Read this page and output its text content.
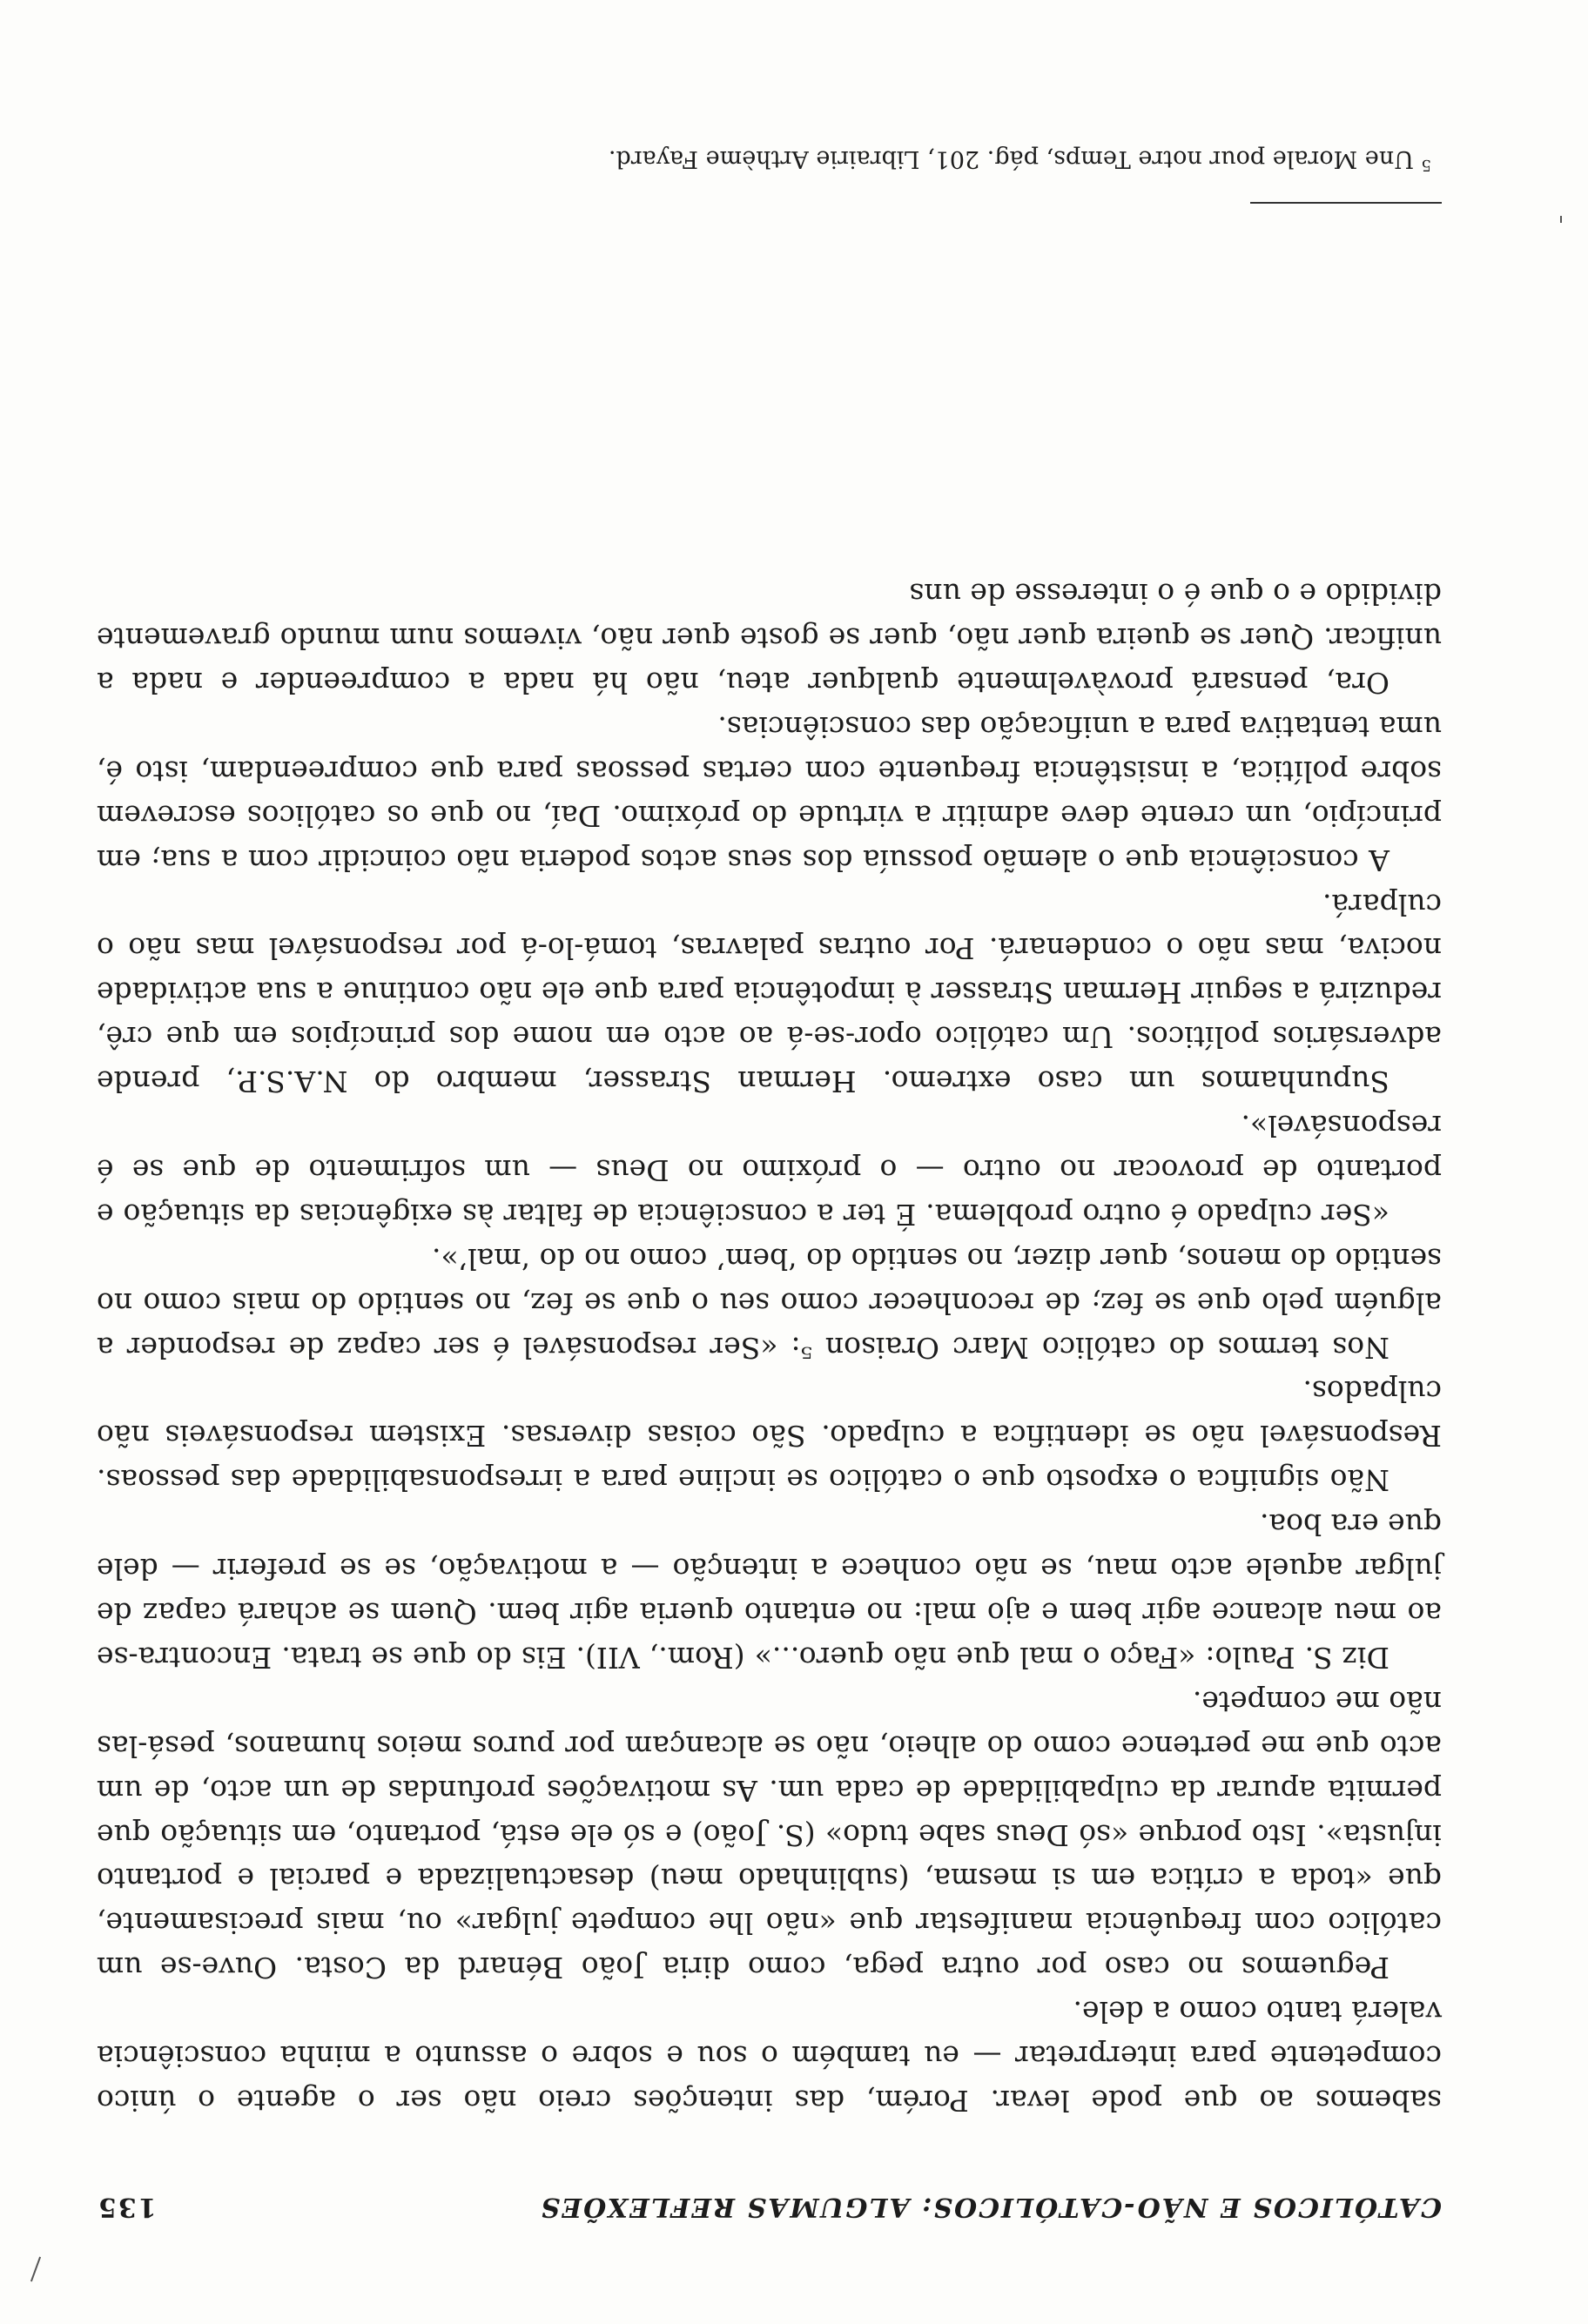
CATÓLICOS E NÃO-CATÓLICOS: ALGUMAS REFLEXÕES
135

sabemos ao que pode levar. Porém, das intenções creio não ser o agente o único competente para interpretar — eu também o sou e sobre o assunto a minha consciência valerá tanto como a dele.

Peguemos no caso por outra pega, como diria João Bénard da Costa. Ouve-se um católico com frequência manifestar que «não lhe compete julgar» ou, mais precisamente, que «toda a crítica em si mesma, (sublinhado meu) desactualizada e parcial e portanto injusta». Isto porque «só Deus sabe tudo» (S. João) e só ele está, portanto, em situação que permita apurar da culpabilidade de cada um. As motivações profundas de um acto, de um acto que me pertence como do alheio, não se alcançam por puros meios humanos, pesá-las não me compete.

Diz S. Paulo: «Faço o mal que não quero...» (Rom., VII). Eis do que se trata. Encontra-se ao meu alcance agir bem e ajo mal: no entanto queria agir bem. Quem se achará capaz de julgar aquele acto mau, se não conhece a intenção — a motivação, se se preferir — dele que era boa.

Não significa o exposto que o católico se incline para a irresponsabilidade das pessoas. Responsável não se identifica a culpado. São coisas diversas. Existem responsáveis não culpados.

Nos termos do católico Marc Oraison ⁵: «Ser responsável é ser capaz de responder a alguém pelo que se fez; de reconhecer como seu o que se fez, no sentido do mais como no sentido do menos, quer dizer, no sentido do ‘bem’ como no do ‘mal’».

«Ser culpado é outro problema. É ter a consciência de faltar às exigências da situação e portanto de provocar no outro — o próximo no Deus — um sofrimento de que se é responsável».

Supunhamos um caso extremo. Herman Strasser, membro do N.A.S.P., prende adversários políticos. Um católico opor-se-á ao acto em nome dos princípios em que crê, reduzirá a seguir Herman Strasser à impotência para que ele não continue a sua actividade nociva, mas não o condenará. Por outras palavras, tomá-lo-á por responsável mas não o culpará.

A consciência que o alemão possuía dos seus actos poderia não coincidir com a sua; em princípio, um crente deve admitir a virtude do próximo. Daí, no que os católicos escrevem sobre política, a insistência frequente com certas pessoas para que compreendam, isto é, uma tentativa para a unificação das consciências.

Ora, pensará provàvelmente qualquer ateu, não há nada a compreender e nada a unificar. Quer se queira quer não, quer se goste quer não, vivemos num mundo gravemente dividido e o que é o interesse de uns

$^5$ Une Morale pour notre Temps, pág. 201, Librairie Arthème Fayard.
